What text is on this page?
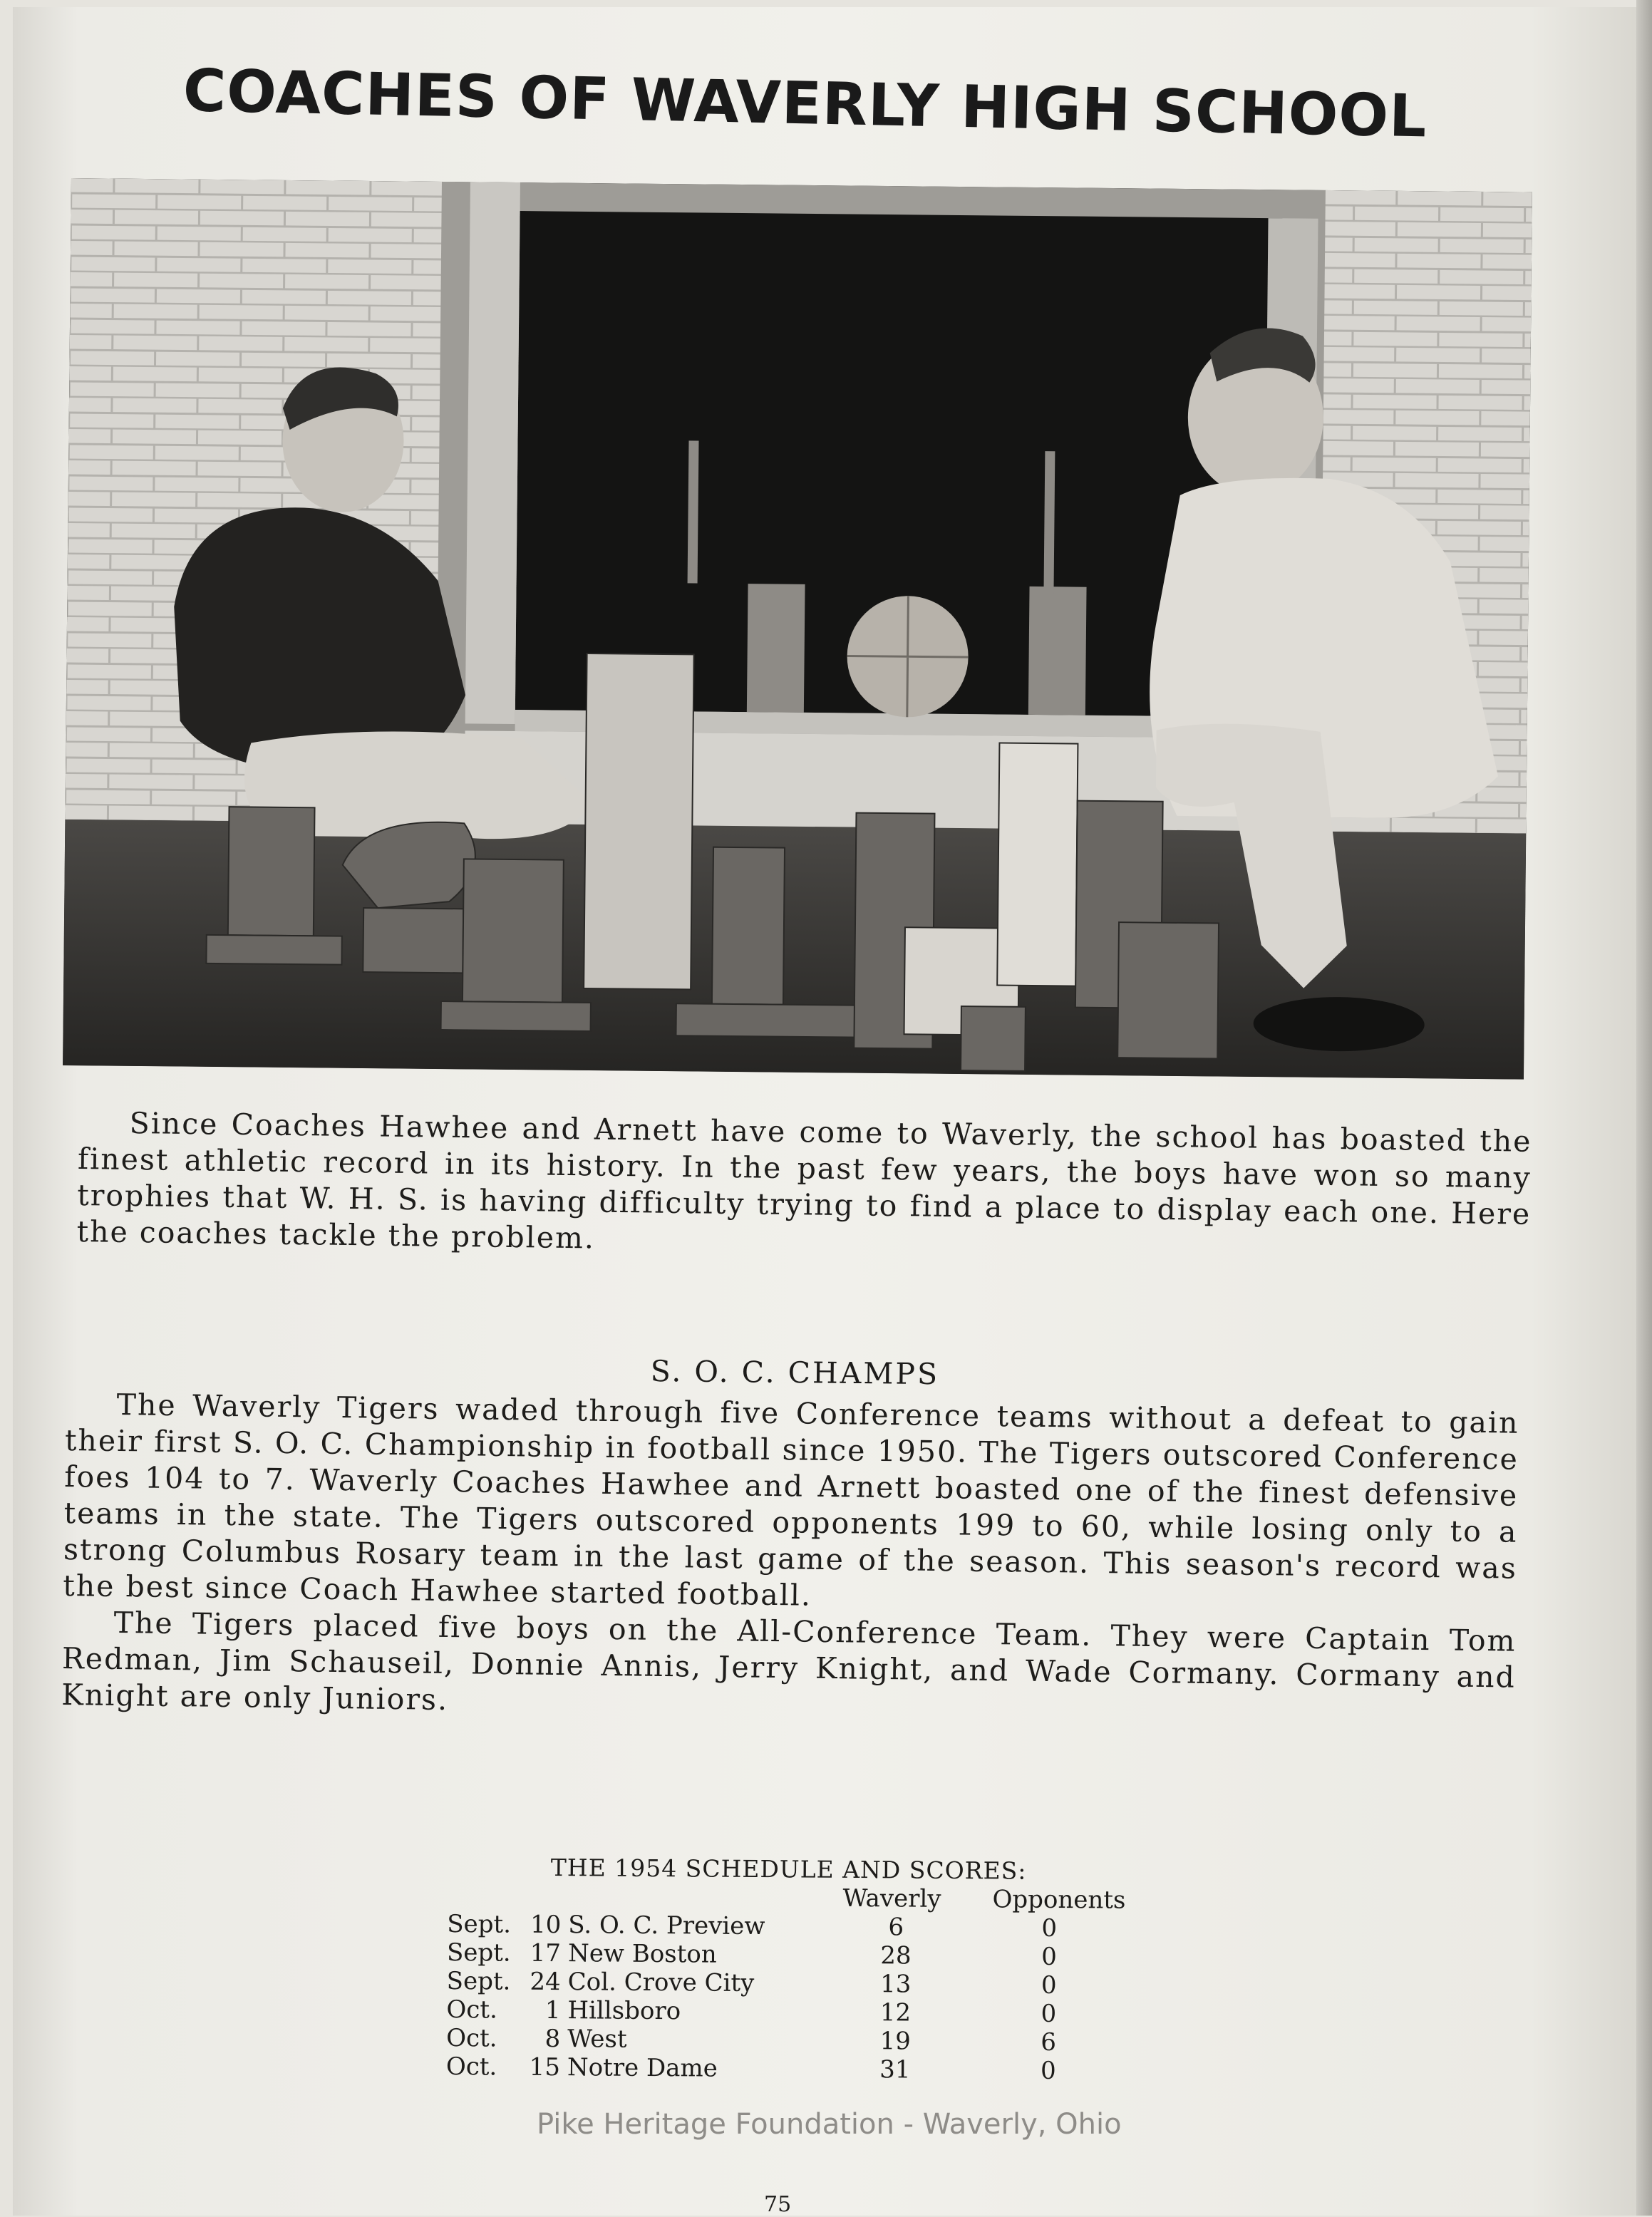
COACHES OF WAVERLY HIGH SCHOOL

Since Coaches Hawhee and Arnett have come to Waverly, the school has boasted the finest athletic record in its history. In the past few years, the boys have won so many trophies that W. H. S. is having difficulty trying to find a place to display each one. Here the coaches tackle the problem.

S. O. C. CHAMPS

The Waverly Tigers waded through five Conference teams without a defeat to gain their first S. O. C. Championship in football since 1950. The Tigers outscored Conference foes 104 to 7. Waverly Coaches Hawhee and Arnett boasted one of the finest defensive teams in the state. The Tigers outscored opponents 199 to 60, while losing only to a strong Columbus Rosary team in the last game of the season. This season's record was the best since Coach Hawhee started football.

The Tigers placed five boys on the All-Conference Team. They were Captain Tom Redman, Jim Schauseil, Donnie Annis, Jerry Knight, and Wade Cormany. Cormany and Knight are only Juniors.

THE 1954 SCHEDULE AND SCORES:
Waverly Opponents
Sept. 10 S. O. C. Preview	6	0
Sept. 17 New Boston	28	0
Sept. 24 Col. Crove City	13	0
Oct.	1 Hillsboro	12	0
Oct.	8 West	19	6
Oct. 15 Notre Dame	31	0
Pike Heritage Foundation - Waverly, Ohio
75
